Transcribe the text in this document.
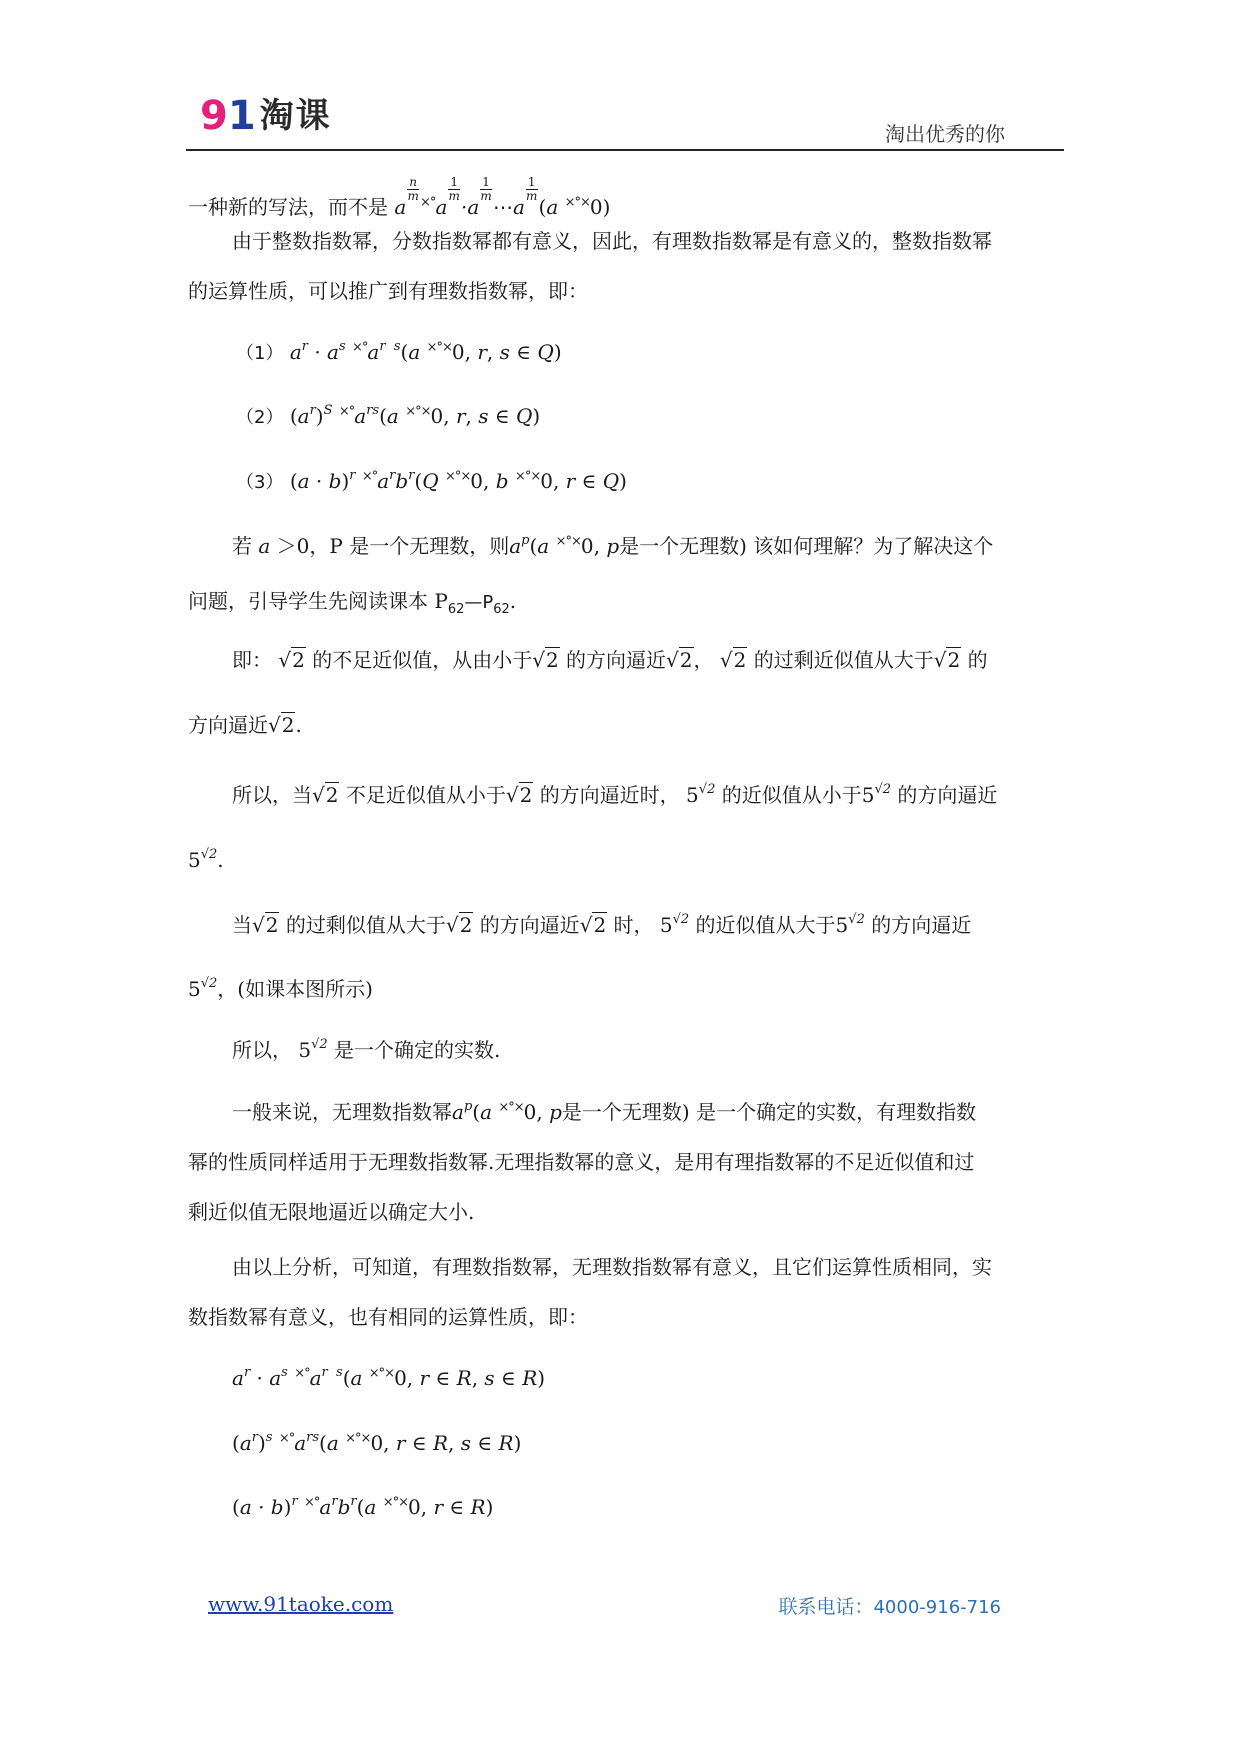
91 淘课	淘出优秀的你
一种新的写法，而不是 a
$\frac{n}{m} ^{\times^\circ}a$
$\frac{1}{m}$
·a
$\frac{1}{m}$
⋯a
$\frac{1}{m}$
(a ×°×0)
由于整数指数幂，分数指数幂都有意义，因此，有理数指数幂是有意义的，整数指数幂
的运算性质，可以推广到有理数指数幂，即：
（1） $a^r \cdot a^s$ $^{\times^\circ}a^{r s}(a$ ×°×0, r, s ∈ Q)
（2） $(a^r)^S$ $^{\times^\circ}a^{rs}(a$ ×°×0, r, s ∈ Q)
（3） $(a \cdot b)^r$ $^{\times^\circ}a^rb^r(Q$ ×°×0, b ×°×0, r ∈ Q)
若 a ＞0，P 是一个无理数，则$a^p(a$ ×°×0, p是一个无理数) 该如何理解？为了解决这个
问题，引导学生先阅读课本 $P_{62}—P_{62}$.
即： √2 的不足近似值，从由小于√2 的方向逼近√2， √2 的过剩近似值从大于√2 的
方向逼近√2.
所以，当√2 不足近似值从小于√2 的方向逼近时， $5^{√2}$ 的近似值从小于$5^{√2}$ 的方向逼近
$5^{√2}$.
当√2 的过剩似值从大于√2 的方向逼近√2 时， $5^{√2}$ 的近似值从大于$5^{√2}$ 的方向逼近
$5^{√2}$，(如课本图所示)
所以， $5^{√2}$ 是一个确定的实数.
一般来说，无理数指数幂$a^p(a$ ×°×0, p是一个无理数) 是一个确定的实数，有理数指数
幂的性质同样适用于无理数指数幂.无理指数幂的意义，是用有理指数幂的不足近似值和过
剩近似值无限地逼近以确定大小.
由以上分析，可知道，有理数指数幂，无理数指数幂有意义，且它们运算性质相同，实
数指数幂有意义，也有相同的运算性质，即：
$a^r \cdot a^s$ $^{\times^\circ}a^{r s}(a$ ×°×0, r ∈ R, s ∈ R)
$(a^r)^s$ $^{\times^\circ}a^{rs}(a$ ×°×0, r ∈ R, s ∈ R)
$(a \cdot b)^r$ $^{\times^\circ}a^rb^r(a$ ×°×0, r ∈ R)
www.91taoke.com	联系电话：4000-916-716
